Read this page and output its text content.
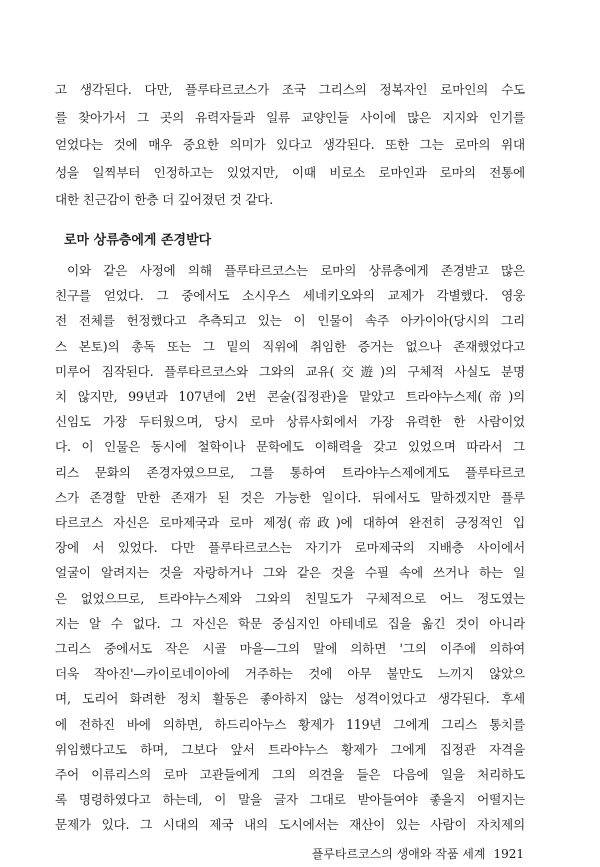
고 생각된다. 다만, 플루타르코스가 조국 그리스의 정복자인 로마인의 수도
를 찾아가서 그 곳의 유력자들과 일류 교양인들 사이에 많은 지지와 인기를
얻었다는 것에 매우 중요한 의미가 있다고 생각된다. 또한 그는 로마의 위대
성을 일찍부터 인정하고는 있었지만, 이때 비로소 로마인과 로마의 전통에
대한 친근감이 한층 더 깊어졌던 것 같다.
로마 상류층에게 존경받다
이와 같은 사정에 의해 플루타르코스는 로마의 상류층에게 존경받고 많은
친구를 얻었다. 그 중에서도 소시우스 세네키오와의 교제가 각별했다. 영웅
전 전체를 헌정했다고 추측되고 있는 이 인물이 속주 아카이아(당시의 그리
스 본토)의 총독 또는 그 밑의 직위에 취임한 증거는 없으나 존재했었다고
미루어 짐작된다. 플루타르코스와 그와의 교유(交遊)의 구체적 사실도 분명
치 않지만, 99년과 107년에 2번 콘술(집정관)을 맡았고 트라야누스제(帝)의
신임도 가장 두터웠으며, 당시 로마 상류사회에서 가장 유력한 한 사람이었
다. 이 인물은 동시에 철학이나 문학에도 이해력을 갖고 있었으며 따라서 그
리스 문화의 존경자였으므로, 그를 통하여 트라야누스제에게도 플루타르코
스가 존경할 만한 존재가 된 것은 가능한 일이다. 뒤에서도 말하겠지만 플루
타르코스 자신은 로마제국과 로마 제정(帝政)에 대하여 완전히 긍정적인 입
장에 서 있었다. 다만 플루타르코스는 자기가 로마제국의 지배층 사이에서
얼굴이 알려지는 것을 자랑하거나 그와 같은 것을 수필 속에 쓰거나 하는 일
은 없었으므로, 트라야누스제와 그와의 친밀도가 구체적으로 어느 정도였는
지는 알 수 없다. 그 자신은 학문 중심지인 아테네로 집을 옮긴 것이 아니라
그리스 중에서도 작은 시골 마을—그의 말에 의하면 '그의 이주에 의하여
더욱 작아진'—카이로네이아에 거주하는 것에 아무 불만도 느끼지 않았으
며, 도리어 화려한 정치 활동은 좋아하지 않는 성격이었다고 생각된다. 후세
에 전하진 바에 의하면, 하드리아누스 황제가 119년 그에게 그리스 통치를
위임했다고도 하며, 그보다 앞서 트라야누스 황제가 그에게 집정관 자격을
주어 이류리스의 로마 고관들에게 그의 의견을 들은 다음에 일을 처리하도
록 명령하였다고 하는데, 이 말을 글자 그대로 받아들여야 좋을지 어떨지는
문제가 있다. 그 시대의 제국 내의 도시에서는 재산이 있는 사람이 자치제의
플루타르코스의 생애와 작품 세계 1921
